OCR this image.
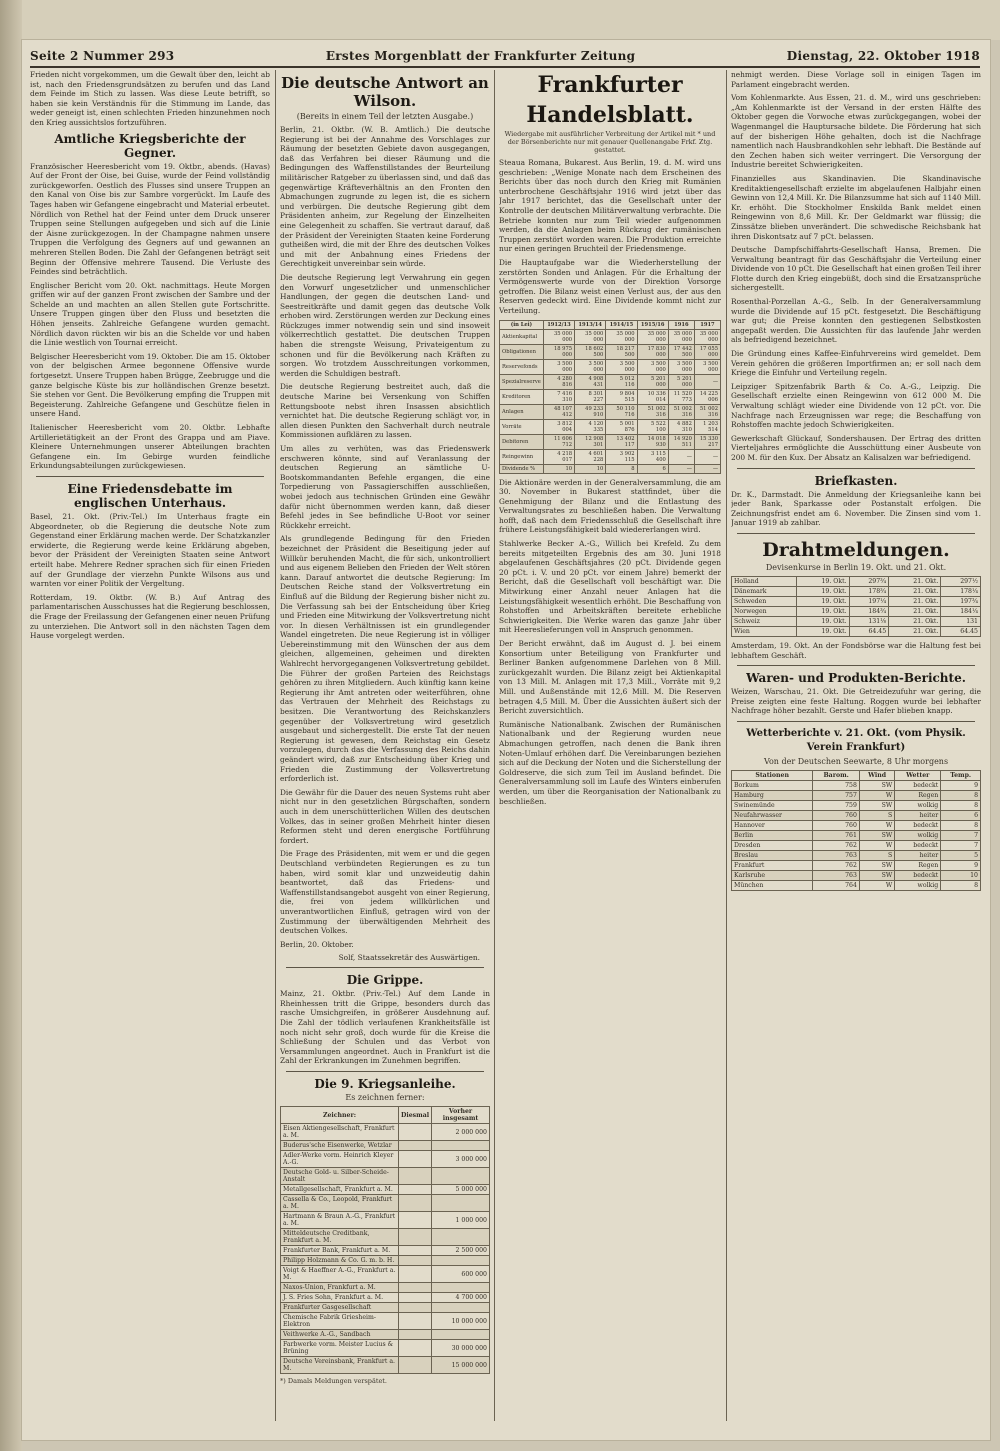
Seite 2 Nummer 293	Erstes Morgenblatt der Frankfurter Zeitung	Dienstag, 22. Oktober 1918

Frieden nicht vorgekommen, um die Gewalt über den, leicht ab ist, nach den Friedensgrundsätzen zu berufen und das Land dem Feinde im Stich zu lassen. Was diese Leute betrifft, so haben sie kein Verständnis für die Stimmung im Lande, das weder geneigt ist, einen schlechten Frieden hinzunehmen noch den Krieg aussichtslos fortzuführen.

Amtliche Kriegsberichte der Gegner.

Französischer Heeresbericht vom 19. Oktbr., abends. (Havas) Auf der Front der Oise, bei Guise, wurde der Feind vollständig zurückgeworfen. Oestlich des Flusses sind unsere Truppen an den Kanal von Oise bis zur Sambre vorgerückt. Im Laufe des Tages haben wir Gefangene eingebracht und Material erbeutet. Nördlich von Rethel hat der Feind unter dem Druck unserer Truppen seine Stellungen aufgegeben und sich auf die Linie der Aisne zurückgezogen. In der Champagne nahmen unsere Truppen die Verfolgung des Gegners auf und gewannen an mehreren Stellen Boden. Die Zahl der Gefangenen beträgt seit Beginn der Offensive mehrere Tausend. Die Verluste des Feindes sind beträchtlich.

Englischer Bericht vom 20. Okt. nachmittags. Heute Morgen griffen wir auf der ganzen Front zwischen der Sambre und der Schelde an und machten an allen Stellen gute Fortschritte. Unsere Truppen gingen über den Fluss und besetzten die Höhen jenseits. Zahlreiche Gefangene wurden gemacht. Nördlich davon rückten wir bis an die Schelde vor und haben die Linie westlich von Tournai erreicht.

Belgischer Heeresbericht vom 19. Oktober. Die am 15. Oktober von der belgischen Armee begonnene Offensive wurde fortgesetzt. Unsere Truppen haben Brügge, Zeebrugge und die ganze belgische Küste bis zur holländischen Grenze besetzt. Sie stehen vor Gent. Die Bevölkerung empfing die Truppen mit Begeisterung. Zahlreiche Gefangene und Geschütze fielen in unsere Hand.

Italienischer Heeresbericht vom 20. Oktbr. Lebhafte Artillerietätigkeit an der Front des Grappa und am Piave. Kleinere Unternehmungen unserer Abteilungen brachten Gefangene ein. Im Gebirge wurden feindliche Erkundungsabteilungen zurückgewiesen.

Eine Friedensdebatte im englischen Unterhaus.

Basel, 21. Okt. (Priv.-Tel.) Im Unterhaus fragte ein Abgeordneter, ob die Regierung die deutsche Note zum Gegenstand einer Erklärung machen werde. Der Schatzkanzler erwiderte, die Regierung werde keine Erklärung abgeben, bevor der Präsident der Vereinigten Staaten seine Antwort erteilt habe. Mehrere Redner sprachen sich für einen Frieden auf der Grundlage der vierzehn Punkte Wilsons aus und warnten vor einer Politik der Vergeltung.

Rotterdam, 19. Oktbr. (W. B.) Auf Antrag des parlamentarischen Ausschusses hat die Regierung beschlossen, die Frage der Freilassung der Gefangenen einer neuen Prüfung zu unterziehen. Die Antwort soll in den nächsten Tagen dem Hause vorgelegt werden.

Die deutsche Antwort an Wilson.
(Bereits in einem Teil der letzten Ausgabe.)

Berlin, 21. Oktbr. (W. B. Amtlich.) Die deutsche Regierung ist bei der Annahme des Vorschlages zur Räumung der besetzten Gebiete davon ausgegangen, daß das Verfahren bei dieser Räumung und die Bedingungen des Waffenstillstandes der Beurteilung militärischer Ratgeber zu überlassen sind, und daß das gegenwärtige Kräfteverhältnis an den Fronten den Abmachungen zugrunde zu legen ist, die es sichern und verbürgen. Die deutsche Regierung gibt dem Präsidenten anheim, zur Regelung der Einzelheiten eine Gelegenheit zu schaffen. Sie vertraut darauf, daß der Präsident der Vereinigten Staaten keine Forderung gutheißen wird, die mit der Ehre des deutschen Volkes und mit der Anbahnung eines Friedens der Gerechtigkeit unvereinbar sein würde.

Die deutsche Regierung legt Verwahrung ein gegen den Vorwurf ungesetzlicher und unmenschlicher Handlungen, der gegen die deutschen Land- und Seestreitkräfte und damit gegen das deutsche Volk erhoben wird. Zerstörungen werden zur Deckung eines Rückzuges immer notwendig sein und sind insoweit völkerrechtlich gestattet. Die deutschen Truppen haben die strengste Weisung, Privateigentum zu schonen und für die Bevölkerung nach Kräften zu sorgen. Wo trotzdem Ausschreitungen vorkommen, werden die Schuldigen bestraft.

Die deutsche Regierung bestreitet auch, daß die deutsche Marine bei Versenkung von Schiffen Rettungsboote nebst ihren Insassen absichtlich vernichtet hat. Die deutsche Regierung schlägt vor, in allen diesen Punkten den Sachverhalt durch neutrale Kommissionen aufklären zu lassen.

Um alles zu verhüten, was das Friedenswerk erschweren könnte, sind auf Veranlassung der deutschen Regierung an sämtliche U-Bootskommandanten Befehle ergangen, die eine Torpedierung von Passagierschiffen ausschließen, wobei jedoch aus technischen Gründen eine Gewähr dafür nicht übernommen werden kann, daß dieser Befehl jedes in See befindliche U-Boot vor seiner Rückkehr erreicht.

Als grundlegende Bedingung für den Frieden bezeichnet der Präsident die Beseitigung jeder auf Willkür beruhenden Macht, die für sich, unkontrolliert und aus eigenem Belieben den Frieden der Welt stören kann. Darauf antwortet die deutsche Regierung: Im Deutschen Reiche stand der Volksvertretung ein Einfluß auf die Bildung der Regierung bisher nicht zu. Die Verfassung sah bei der Entscheidung über Krieg und Frieden eine Mitwirkung der Volksvertretung nicht vor. In diesen Verhältnissen ist ein grundlegender Wandel eingetreten. Die neue Regierung ist in völliger Uebereinstimmung mit den Wünschen der aus dem gleichen, allgemeinen, geheimen und direkten Wahlrecht hervorgegangenen Volksvertretung gebildet. Die Führer der großen Parteien des Reichstags gehören zu ihren Mitgliedern. Auch künftig kann keine Regierung ihr Amt antreten oder weiterführen, ohne das Vertrauen der Mehrheit des Reichstags zu besitzen. Die Verantwortung des Reichskanzlers gegenüber der Volksvertretung wird gesetzlich ausgebaut und sichergestellt. Die erste Tat der neuen Regierung ist gewesen, dem Reichstag ein Gesetz vorzulegen, durch das die Verfassung des Reichs dahin geändert wird, daß zur Entscheidung über Krieg und Frieden die Zustimmung der Volksvertretung erforderlich ist.

Die Gewähr für die Dauer des neuen Systems ruht aber nicht nur in den gesetzlichen Bürgschaften, sondern auch in dem unerschütterlichen Willen des deutschen Volkes, das in seiner großen Mehrheit hinter diesen Reformen steht und deren energische Fortführung fordert.

Die Frage des Präsidenten, mit wem er und die gegen Deutschland verbündeten Regierungen es zu tun haben, wird somit klar und unzweideutig dahin beantwortet, daß das Friedens- und Waffenstillstandsangebot ausgeht von einer Regierung, die, frei von jedem willkürlichen und unverantwortlichen Einfluß, getragen wird von der Zustimmung der überwältigenden Mehrheit des deutschen Volkes.

Berlin, 20. Oktober.
Solf, Staatssekretär des Auswärtigen.
Die Grippe.

Mainz, 21. Oktbr. (Priv.-Tel.) Auf dem Lande in Rheinhessen tritt die Grippe, besonders durch das rasche Umsichgreifen, in größerer Ausdehnung auf. Die Zahl der tödlich verlaufenen Krankheitsfälle ist noch nicht sehr groß, doch wurde für die Kreise die Schließung der Schulen und das Verbot von Versammlungen angeordnet. Auch in Frankfurt ist die Zahl der Erkrankungen im Zunehmen begriffen.

Die 9. Kriegsanleihe.
Es zeichnen ferner:
Zeichner:	Diesmal	Vorher insgesamt
Eisen Aktiengesellschaft, Frankfurt a. M.		2 000 000
Buderus'sche Eisenwerke, Wetzlar		
Adler-Werke vorm. Heinrich Kleyer A.-G.		3 000 000
Deutsche Gold- u. Silber-Scheide-Anstalt		
Metallgesellschaft, Frankfurt a. M.		5 000 000
Cassella & Co., Leopold, Frankfurt a. M.		
Hartmann & Braun A.-G., Frankfurt a. M.		1 000 000
Mitteldeutsche Creditbank, Frankfurt a. M.		
Frankfurter Bank, Frankfurt a. M.		2 500 000
Philipp Holzmann & Co. G. m. b. H.		
Voigt & Haeffner A.-G., Frankfurt a. M.		600 000
Naxos-Union, Frankfurt a. M.		
J. S. Fries Sohn, Frankfurt a. M.		4 700 000
Frankfurter Gasgesellschaft		
Chemische Fabrik Griesheim-Elektron		10 000 000
Veithwerke A.-G., Sandbach		
Farbwerke vorm. Meister Lucius & Brüning		30 000 000
Deutsche Vereinsbank, Frankfurt a. M.		15 000 000
*) Damals Meldungen verspätet.
Frankfurter Handelsblatt.
Wiedergabe mit ausführlicher Verbreitung der Artikel mit * und der Börsenberichte nur mit genauer Quellenangabe Frkf. Ztg. gestattet.

Steaua Romana, Bukarest. Aus Berlin, 19. d. M. wird uns geschrieben: „Wenige Monate nach dem Erscheinen des Berichts über das noch durch den Krieg mit Rumänien unterbrochene Geschäftsjahr 1916 wird jetzt über das Jahr 1917 berichtet, das die Gesellschaft unter der Kontrolle der deutschen Militärverwaltung verbrachte. Die Betriebe konnten nur zum Teil wieder aufgenommen werden, da die Anlagen beim Rückzug der rumänischen Truppen zerstört worden waren. Die Produktion erreichte nur einen geringen Bruchteil der Friedensmenge.

Die Hauptaufgabe war die Wiederherstellung der zerstörten Sonden und Anlagen. Für die Erhaltung der Vermögenswerte wurde von der Direktion Vorsorge getroffen. Die Bilanz weist einen Verlust aus, der aus den Reserven gedeckt wird. Eine Dividende kommt nicht zur Verteilung.

(in Lei)	1912/13	1913/14	1914/15	1915/16	1916	1917
Aktienkapital	35 000 000	35 000 000	35 000 000	35 000 000	35 000 000	35 000 000
Obligationen	18 975 000	18 602 500	18 217 500	17 830 000	17 442 500	17 055 000
Reservefonds	3 500 000	3 500 000	3 500 000	3 500 000	3 500 000	3 500 000
Spezialreserve	4 280 816	4 908 431	5 012 116	5 201 000	5 201 000	—
Kreditoren	7 416 310	8 301 227	9 804 515	10 336 014	11 520 773	14 225 006
Anlagen	48 107 412	49 233 910	50 110 716	51 002 316	51 002 316	51 002 316
Vorräte	3 812 004	4 120 335	5 001 876	5 522 100	4 882 310	1 203 514
Debitoren	11 606 712	12 908 301	13 402 117	14 018 930	14 920 511	15 330 217
Reingewinn	4 218 017	4 601 228	3 902 115	3 115 400	—	—
Dividende %	10	10	8	6	—	—

Die Aktionäre werden in der Generalversammlung, die am 30. November in Bukarest stattfindet, über die Genehmigung der Bilanz und die Entlastung des Verwaltungsrates zu beschließen haben. Die Verwaltung hofft, daß nach dem Friedensschluß die Gesellschaft ihre frühere Leistungsfähigkeit bald wiedererlangen wird.

Stahlwerke Becker A.-G., Willich bei Krefeld. Zu dem bereits mitgeteilten Ergebnis des am 30. Juni 1918 abgelaufenen Geschäftsjahres (20 pCt. Dividende gegen 20 pCt. i. V. und 20 pCt. vor einem Jahre) bemerkt der Bericht, daß die Gesellschaft voll beschäftigt war. Die Mitwirkung einer Anzahl neuer Anlagen hat die Leistungsfähigkeit wesentlich erhöht. Die Beschaffung von Rohstoffen und Arbeitskräften bereitete erhebliche Schwierigkeiten. Die Werke waren das ganze Jahr über mit Heereslieferungen voll in Anspruch genommen.

Der Bericht erwähnt, daß im August d. J. bei einem Konsortium unter Beteiligung von Frankfurter und Berliner Banken aufgenommene Darlehen von 8 Mill. zurückgezahlt wurden. Die Bilanz zeigt bei Aktienkapital von 13 Mill. M. Anlagen mit 17,3 Mill., Vorräte mit 9,2 Mill. und Außenstände mit 12,6 Mill. M. Die Reserven betragen 4,5 Mill. M. Über die Aussichten äußert sich der Bericht zuversichtlich.

Rumänische Nationalbank. Zwischen der Rumänischen Nationalbank und der Regierung wurden neue Abmachungen getroffen, nach denen die Bank ihren Noten-Umlauf erhöhen darf. Die Vereinbarungen beziehen sich auf die Deckung der Noten und die Sicherstellung der Goldreserve, die sich zum Teil im Ausland befindet. Die Generalversammlung soll im Laufe des Winters einberufen werden, um über die Reorganisation der Nationalbank zu beschließen.

nehmigt werden. Diese Vorlage soll in einigen Tagen im Parlament eingebracht werden.

Vom Kohlenmarkte. Aus Essen, 21. d. M., wird uns geschrieben: „Am Kohlenmarkte ist der Versand in der ersten Hälfte des Oktober gegen die Vorwoche etwas zurückgegangen, wobei der Wagenmangel die Hauptursache bildete. Die Förderung hat sich auf der bisherigen Höhe gehalten, doch ist die Nachfrage namentlich nach Hausbrandkohlen sehr lebhaft. Die Bestände auf den Zechen haben sich weiter verringert. Die Versorgung der Industrie bereitet Schwierigkeiten.

Finanzielles aus Skandinavien. Die Skandinavische Kreditaktiengesellschaft erzielte im abgelaufenen Halbjahr einen Gewinn von 12,4 Mill. Kr. Die Bilanzsumme hat sich auf 1140 Mill. Kr. erhöht. Die Stockholmer Enskilda Bank meldet einen Reingewinn von 8,6 Mill. Kr. Der Geldmarkt war flüssig; die Zinssätze blieben unverändert. Die schwedische Reichsbank hat ihren Diskontsatz auf 7 pCt. belassen.

Deutsche Dampfschiffahrts-Gesellschaft Hansa, Bremen. Die Verwaltung beantragt für das Geschäftsjahr die Verteilung einer Dividende von 10 pCt. Die Gesellschaft hat einen großen Teil ihrer Flotte durch den Krieg eingebüßt, doch sind die Ersatzansprüche sichergestellt.

Rosenthal-Porzellan A.-G., Selb. In der Generalversammlung wurde die Dividende auf 15 pCt. festgesetzt. Die Beschäftigung war gut; die Preise konnten den gestiegenen Selbstkosten angepaßt werden. Die Aussichten für das laufende Jahr werden als befriedigend bezeichnet.

Die Gründung eines Kaffee-Einfuhrvereins wird gemeldet. Dem Verein gehören die größeren Importfirmen an; er soll nach dem Kriege die Einfuhr und Verteilung regeln.

Leipziger Spitzenfabrik Barth & Co. A.-G., Leipzig. Die Gesellschaft erzielte einen Reingewinn von 612 000 M. Die Verwaltung schlägt wieder eine Dividende von 12 pCt. vor. Die Nachfrage nach Erzeugnissen war rege; die Beschaffung von Rohstoffen machte jedoch Schwierigkeiten.

Gewerkschaft Glückauf, Sondershausen. Der Ertrag des dritten Vierteljahres ermöglichte die Ausschüttung einer Ausbeute von 200 M. für den Kux. Der Absatz an Kalisalzen war befriedigend.

Briefkasten.

Dr. K., Darmstadt. Die Anmeldung der Kriegsanleihe kann bei jeder Bank, Sparkasse oder Postanstalt erfolgen. Die Zeichnungsfrist endet am 6. November. Die Zinsen sind vom 1. Januar 1919 ab zahlbar.

Drahtmeldungen.
Devisenkurse in Berlin 19. Okt. und 21. Okt.
Holland	19. Okt.	297¾	21. Okt.	297½
Dänemark	19. Okt.	178¾	21. Okt.	178¼
Schweden	19. Okt.	197¼	21. Okt.	197¾
Norwegen	19. Okt.	184¾	21. Okt.	184¼
Schweiz	19. Okt.	131⅛	21. Okt.	131
Wien	19. Okt.	64.45	21. Okt.	64.45

Amsterdam, 19. Okt. An der Fondsbörse war die Haltung fest bei lebhaftem Geschäft.

Waren- und Produkten-Berichte.

Weizen, Warschau, 21. Okt. Die Getreidezufuhr war gering, die Preise zeigten eine feste Haltung. Roggen wurde bei lebhafter Nachfrage höher bezahlt. Gerste und Hafer blieben knapp.

Wetterberichte v. 21. Okt. (vom Physik. Verein Frankfurt)
Von der Deutschen Seewarte, 8 Uhr morgens
Stationen	Barom.	Wind	Wetter	Temp.
Borkum	758	SW	bedeckt	9
Hamburg	757	W	Regen	8
Swinemünde	759	SW	wolkig	8
Neufahrwasser	760	S	heiter	6
Hannover	760	W	bedeckt	8
Berlin	761	SW	wolkig	7
Dresden	762	W	bedeckt	7
Breslau	763	S	heiter	5
Frankfurt	762	SW	Regen	9
Karlsruhe	763	SW	bedeckt	10
München	764	W	wolkig	8
